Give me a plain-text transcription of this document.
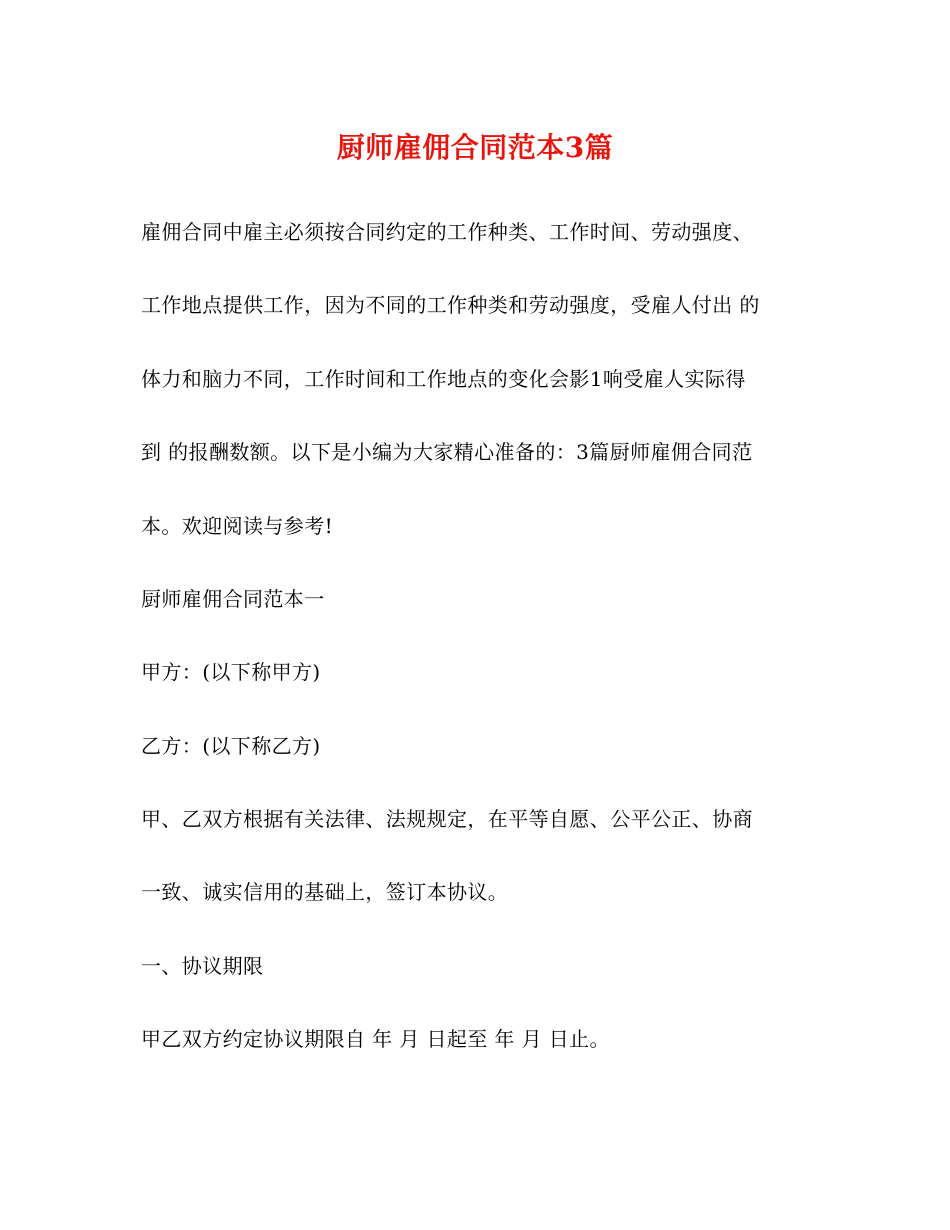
厨师雇佣合同范本3篇
雇佣合同中雇主必须按合同约定的工作种类、工作时间、劳动强度、
工作地点提供工作，因为不同的工作种类和劳动强度，受雇人付出 的
体力和脑力不同，工作时间和工作地点的变化会影1响受雇人实际得
到 的报酬数额。以下是小编为大家精心准备的：3篇厨师雇佣合同范
本。欢迎阅读与参考!
厨师雇佣合同范本一
甲方：(以下称甲方)
乙方：(以下称乙方)
甲、乙双方根据有关法律、法规规定，在平等自愿、公平公正、协商
一致、诚实信用的基础上，签订本协议。
一、协议期限
甲乙双方约定协议期限自 年 月 日起至 年 月 日止。
